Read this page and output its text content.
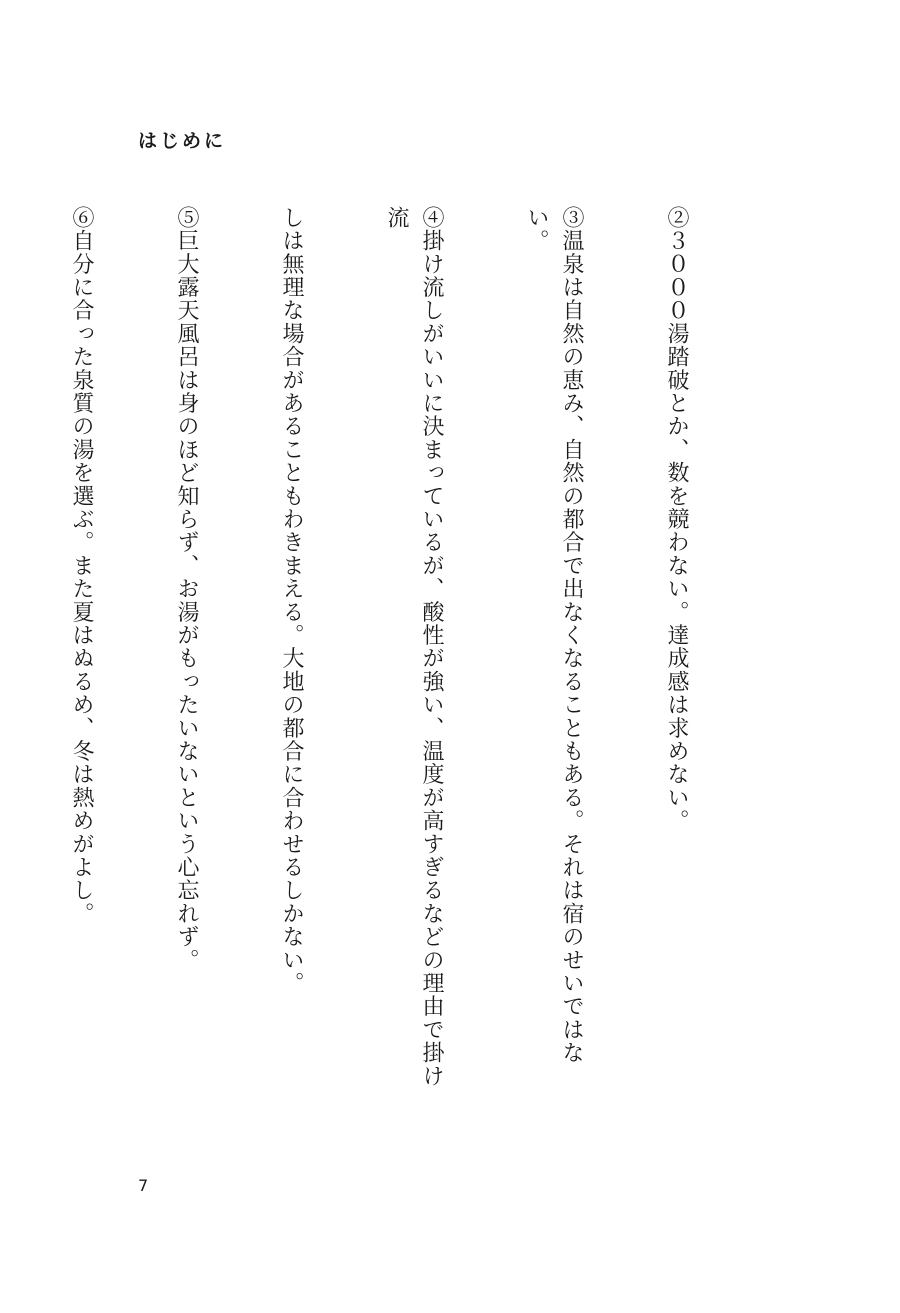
はじめに

②３０００湯踏破とか、数を競わない。達成感は求めない。

③温泉は自然の恵み、自然の都合で出なくなることもある。それは宿のせいではない。

④掛け流しがいいに決まっているが、酸性が強い、温度が高すぎるなどの理由で掛け流

しは無理な場合があることもわきまえる。大地の都合に合わせるしかない。

⑤巨大露天風呂は身のほど知らず、お湯がもったいないという心忘れず。

⑥自分に合った泉質の湯を選ぶ。また夏はぬるめ、冬は熱めがよし。

7
